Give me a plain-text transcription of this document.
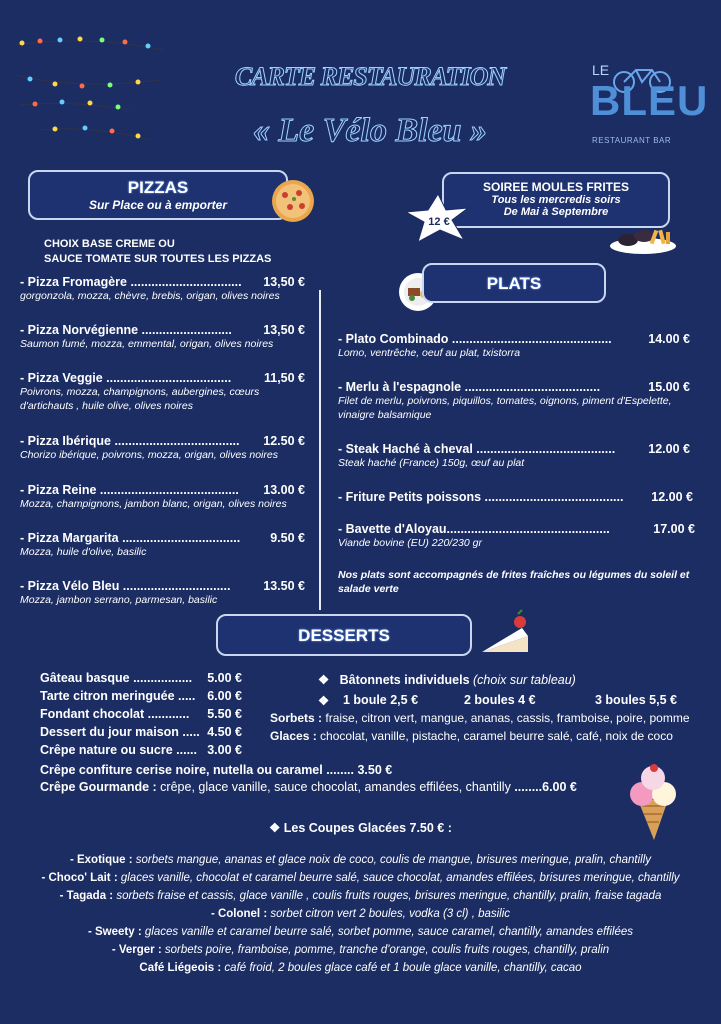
CARTE RESTAURATION
« Le Vélo Bleu »
LE
BLEU
RESTAURANT BAR
PIZZAS
Sur Place ou à emporter
CHOIX BASE CREME OU
SAUCE TOMATE SUR TOUTES LES PIZZAS
- Pizza Fromagère ................................ 13,50 €
gorgonzola, mozza, chèvre, brebis, origan, olives noires
- Pizza Norvégienne ..........................	13,50 €
Saumon fumé, mozza, emmental, origan, olives noires
- Pizza Veggie ....................................	11,50 €
Poivrons, mozza, champignons, aubergines, cœurs d'artichauts , huile olive, olives noires
- Pizza Ibérique .................................... 12.50 €
Chorizo ibérique, poivrons, mozza, origan, olives noires
- Pizza Reine ........................................ 13.00 €
Mozza, champignons, jambon blanc, origan, olives noires
- Pizza Margarita .................................. 9.50 €
Mozza, huile d'olive, basilic
- Pizza Vélo Bleu ...............................	13.50 €
Mozza, jambon serrano, parmesan, basilic
SOIREE MOULES FRITES
Tous les mercredis soirs
De Mai à Septembre
12 €
PLATS
- Plato Combinado ..............................................	14.00 €
Lomo, ventrêche, oeuf au plat, txistorra
- Merlu à l'espagnole .......................................	15.00 €
Filet de merlu, poivrons, piquillos, tomates, oignons, piment d'Espelette, vinaigre balsamique
- Steak Haché à cheval ........................................	12.00 €
Steak haché (France) 150g, œuf au plat
- Friture Petits poissons ........................................ 12.00 €
- Bavette d'Aloyau...............................................	17.00 €
Viande bovine (EU) 220/230 gr
Nos plats sont accompagnés de frites fraîches ou légumes du soleil et salade verte
DESSERTS
Gâteau basque ................. 5.00 €
Tarte citron meringuée ..... 6.00 €
Fondant chocolat ............ 5.50 €
Dessert du jour maison ..... 4.50 €
Crêpe nature ou sucre ...... 3.00 €
❖ Bâtonnets individuels (choix sur tableau)
❖ 1 boule 2,5 €	2 boules 4 €	3 boules 5,5 €
Sorbets : fraise, citron vert, mangue, ananas, cassis, framboise, poire, pomme
Glaces : chocolat, vanille, pistache, caramel beurre salé, café, noix de coco
Crêpe confiture cerise noire, nutella ou caramel ........ 3.50 €
Crêpe Gourmande : crêpe, glace vanille, sauce chocolat, amandes effilées, chantilly ........6.00 €
❖ Les Coupes Glacées 7.50 € :
- Exotique : sorbets mangue, ananas et glace noix de coco, coulis de mangue, brisures meringue, pralin, chantilly
- Choco' Lait : glaces vanille, chocolat et caramel beurre salé, sauce chocolat, amandes effilées, brisures meringue, chantilly
- Tagada : sorbets fraise et cassis, glace vanille , coulis fruits rouges, brisures meringue, chantilly, pralin, fraise tagada
- Colonel : sorbet citron vert 2 boules, vodka (3 cl) , basilic
- Sweety : glaces vanille et caramel beurre salé, sorbet pomme, sauce caramel, chantilly, amandes effilées
- Verger : sorbets poire, framboise, pomme, tranche d'orange, coulis fruits rouges, chantilly, pralin
Café Liégeois : café froid, 2 boules glace café et 1 boule glace vanille, chantilly, cacao
